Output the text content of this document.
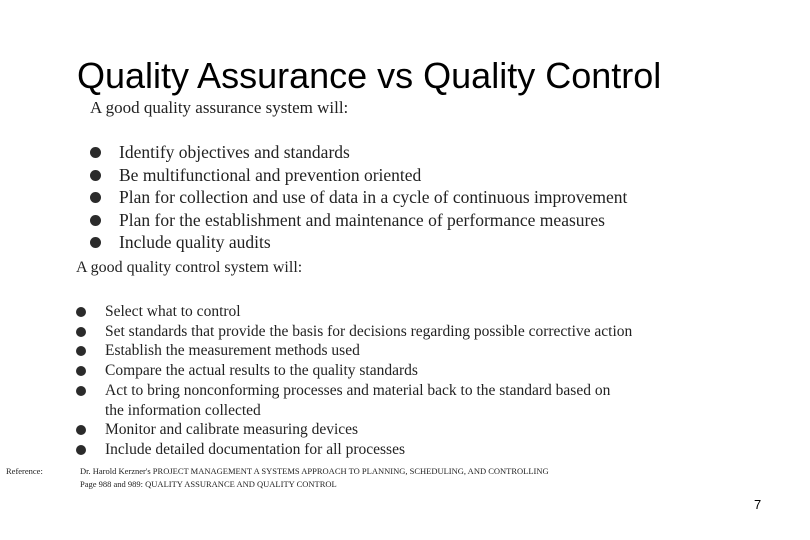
Quality Assurance vs Quality Control
A good quality assurance system will:
Identify objectives and standards
Be multifunctional and prevention oriented
Plan for collection and use of data in a cycle of continuous improvement
Plan for the establishment and maintenance of performance measures
Include quality audits
A good quality control system will:
Select what to control
Set standards that provide the basis for decisions regarding possible corrective action
Establish the measurement methods used
Compare the actual results to the quality standards
Act to bring nonconforming processes and material back to the standard based on
the information collected
Monitor and calibrate measuring devices
Include detailed documentation for all processes
Reference:	Dr. Harold Kerzner's PROJECT MANAGEMENT A SYSTEMS APPROACH TO PLANNING, SCHEDULING, AND CONTROLLING
Page 988 and 989: QUALITY ASSURANCE AND QUALITY CONTROL
7
